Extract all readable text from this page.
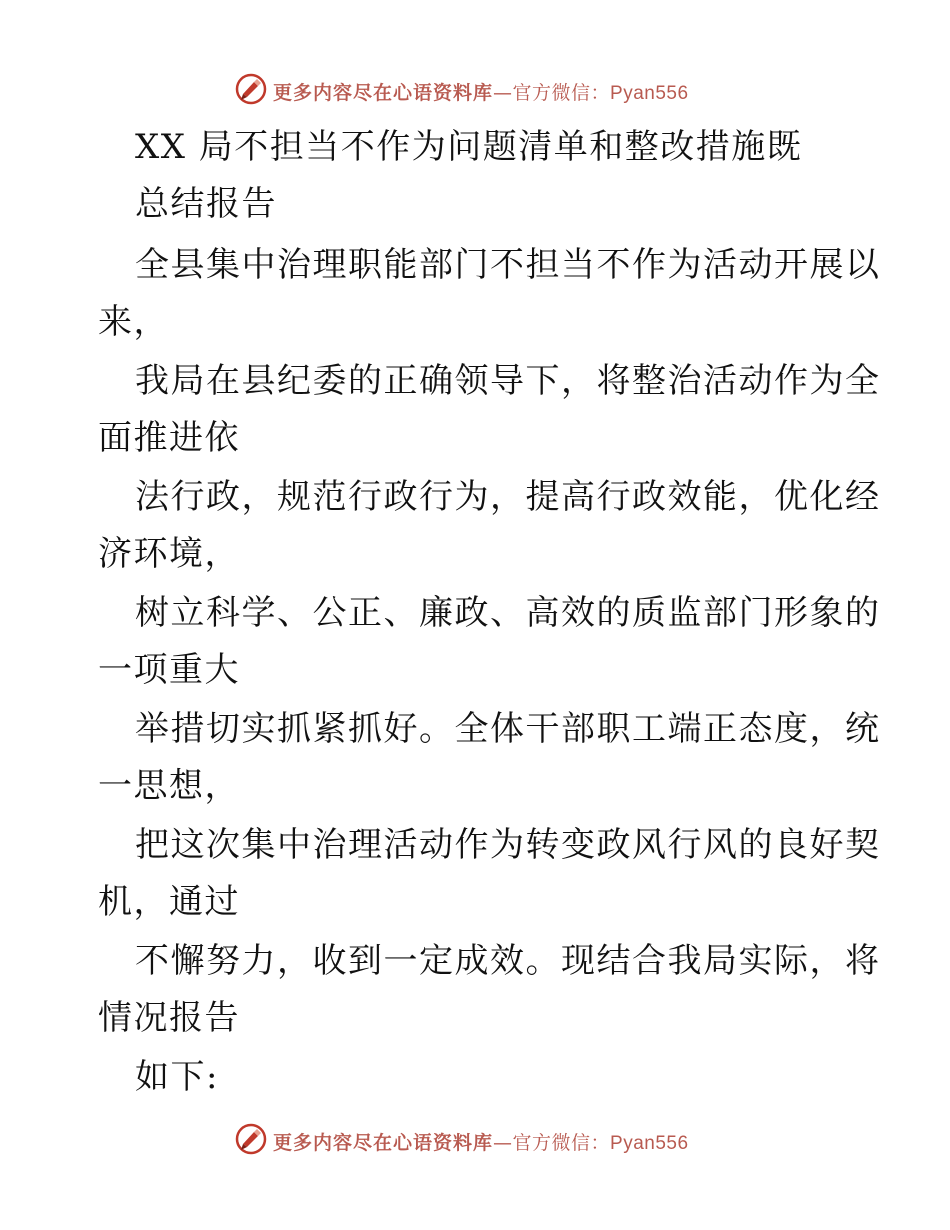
更多内容尽在心语资料库—官方微信：Pyan556
XX 局不担当不作为问题清单和整改措施既
总结报告
全县集中治理职能部门不担当不作为活动开展以
来，
我局在县纪委的正确领导下，将整治活动作为全
面推进依
法行政，规范行政行为，提高行政效能，优化经
济环境，
树立科学、公正、廉政、高效的质监部门形象的
一项重大
举措切实抓紧抓好。全体干部职工端正态度，统
一思想，
把这次集中治理活动作为转变政风行风的良好契
机，通过
不懈努力，收到一定成效。现结合我局实际，将
情况报告
如下:
更多内容尽在心语资料库—官方微信：Pyan556
